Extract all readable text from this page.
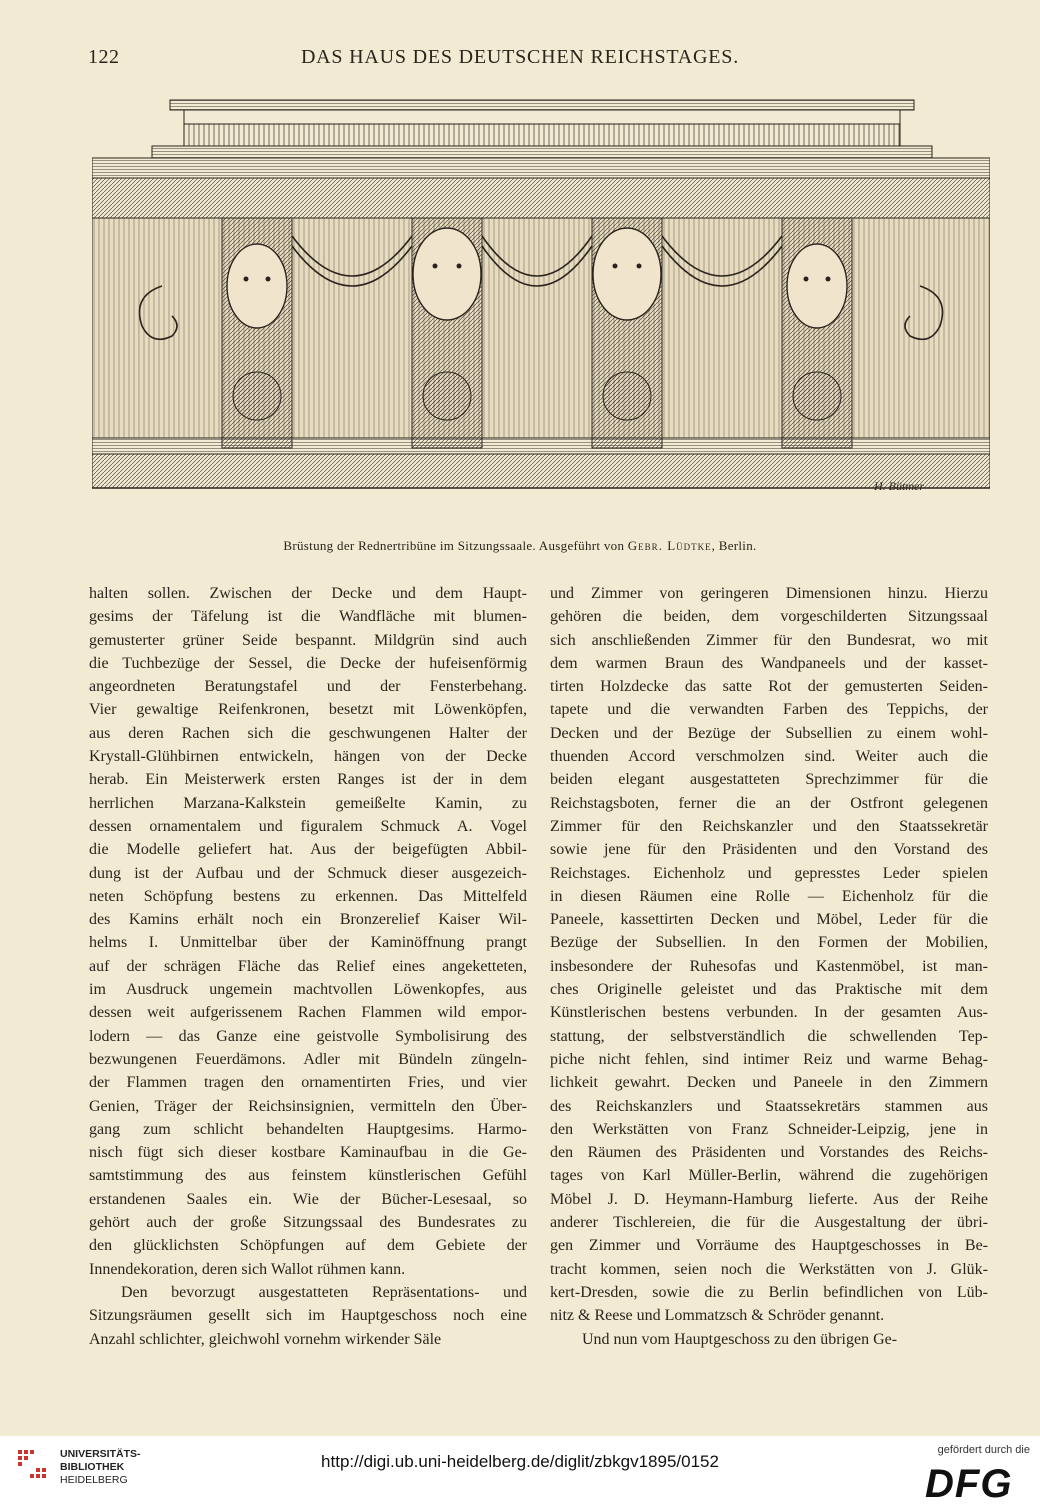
122	DAS HAUS DES DEUTSCHEN REICHSTAGES.
H. Bütmer
Brüstung der Rednertribüne im Sitzungssaale. Ausgeführt von Gebr. Lüdtke, Berlin.
halten sollen. Zwischen der Decke und dem Haupt-
gesims der Täfelung ist die Wandfläche mit blumen-
gemusterter grüner Seide bespannt. Mildgrün sind auch
die Tuchbezüge der Sessel, die Decke der hufeisenförmig
angeordneten Beratungstafel und der Fensterbehang.
Vier gewaltige Reifenkronen, besetzt mit Löwenköpfen,
aus deren Rachen sich die geschwungenen Halter der
Krystall-Glühbirnen entwickeln, hängen von der Decke
herab. Ein Meisterwerk ersten Ranges ist der in dem
herrlichen Marzana-Kalkstein gemeißelte Kamin, zu
dessen ornamentalem und figuralem Schmuck A. Vogel
die Modelle geliefert hat. Aus der beigefügten Abbil-
dung ist der Aufbau und der Schmuck dieser ausgezeich-
neten Schöpfung bestens zu erkennen. Das Mittelfeld
des Kamins erhält noch ein Bronzerelief Kaiser Wil-
helms I. Unmittelbar über der Kaminöffnung prangt
auf der schrägen Fläche das Relief eines angeketteten,
im Ausdruck ungemein machtvollen Löwenkopfes, aus
dessen weit aufgerissenem Rachen Flammen wild empor-
lodern — das Ganze eine geistvolle Symbolisirung des
bezwungenen Feuerdämons. Adler mit Bündeln züngeln-
der Flammen tragen den ornamentirten Fries, und vier
Genien, Träger der Reichsinsignien, vermitteln den Über-
gang zum schlicht behandelten Hauptgesims. Harmo-
nisch fügt sich dieser kostbare Kaminaufbau in die Ge-
samtstimmung des aus feinstem künstlerischen Gefühl
erstandenen Saales ein. Wie der Bücher-Lesesaal, so
gehört auch der große Sitzungssaal des Bundesrates zu
den glücklichsten Schöpfungen auf dem Gebiete der
Innendekoration, deren sich Wallot rühmen kann.
Den bevorzugt ausgestatteten Repräsentations- und
Sitzungsräumen gesellt sich im Hauptgeschoss noch eine
Anzahl schlichter, gleichwohl vornehm wirkender Säle
und Zimmer von geringeren Dimensionen hinzu. Hierzu
gehören die beiden, dem vorgeschilderten Sitzungssaal
sich anschließenden Zimmer für den Bundesrat, wo mit
dem warmen Braun des Wandpaneels und der kasset-
tirten Holzdecke das satte Rot der gemusterten Seiden-
tapete und die verwandten Farben des Teppichs, der
Decken und der Bezüge der Subsellien zu einem wohl-
thuenden Accord verschmolzen sind. Weiter auch die
beiden elegant ausgestatteten Sprechzimmer für die
Reichstagsboten, ferner die an der Ostfront gelegenen
Zimmer für den Reichskanzler und den Staatssekretär
sowie jene für den Präsidenten und den Vorstand des
Reichstages. Eichenholz und gepresstes Leder spielen
in diesen Räumen eine Rolle — Eichenholz für die
Paneele, kassettirten Decken und Möbel, Leder für die
Bezüge der Subsellien. In den Formen der Mobilien,
insbesondere der Ruhesofas und Kastenmöbel, ist man-
ches Originelle geleistet und das Praktische mit dem
Künstlerischen bestens verbunden. In der gesamten Aus-
stattung, der selbstverständlich die schwellenden Tep-
piche nicht fehlen, sind intimer Reiz und warme Behag-
lichkeit gewahrt. Decken und Paneele in den Zimmern
des Reichskanzlers und Staatssekretärs stammen aus
den Werkstätten von Franz Schneider-Leipzig, jene in
den Räumen des Präsidenten und Vorstandes des Reichs-
tages von Karl Müller-Berlin, während die zugehörigen
Möbel J. D. Heymann-Hamburg lieferte. Aus der Reihe
anderer Tischlereien, die für die Ausgestaltung der übri-
gen Zimmer und Vorräume des Hauptgeschosses in Be-
tracht kommen, seien noch die Werkstätten von J. Glük-
kert-Dresden, sowie die zu Berlin befindlichen von Lüb-
nitz & Reese und Lommatzsch & Schröder genannt.
Und nun vom Hauptgeschoss zu den übrigen Ge-
UNIVERSITÄTS-
BIBLIOTHEK
HEIDELBERG
http://digi.ub.uni-heidelberg.de/diglit/zbkgv1895/0152
gefördert durch die
DFG
